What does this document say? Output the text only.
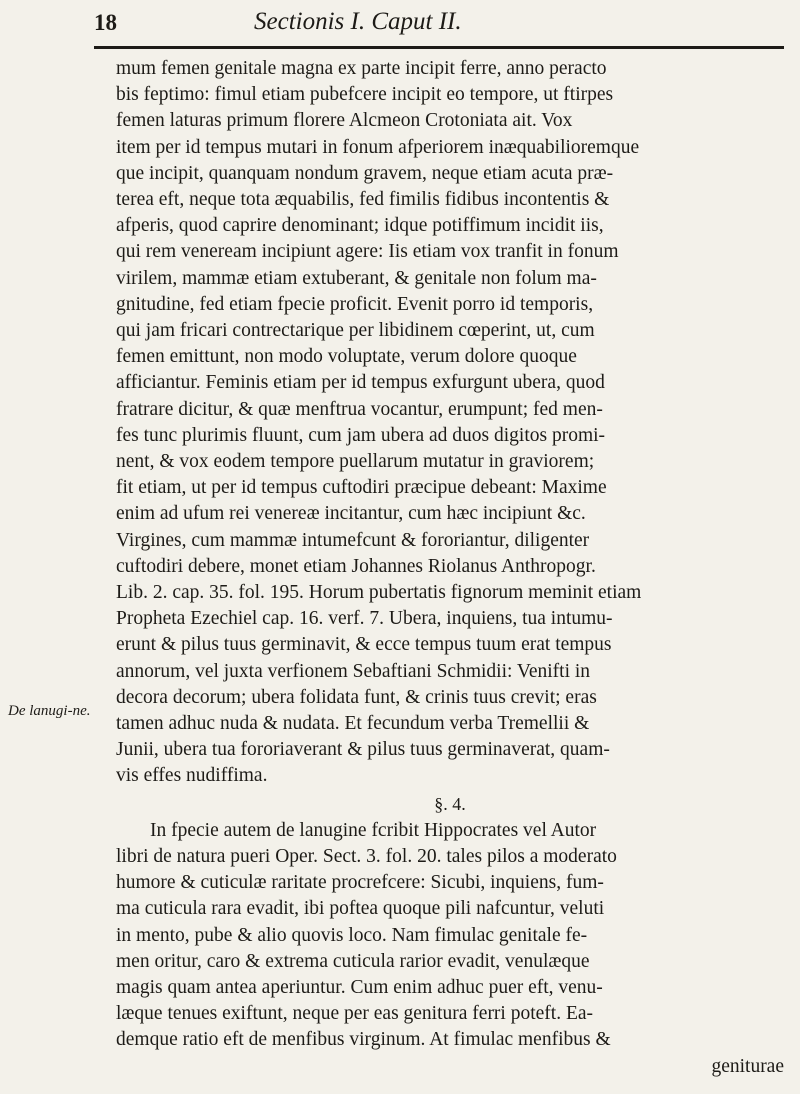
18	Sectionis I. Caput II.
De lanugi-ne.

mum femen genitale magna ex parte incipit ferre, anno peracto
bis feptimo: fimul etiam pubefcere incipit eo tempore, ut ftirpes
femen laturas primum florere Alcmeon Crotoniata ait. Vox
item per id tempus mutari in fonum afperiorem inæquabilioremque
que incipit, quanquam nondum gravem, neque etiam acuta præ-
terea eft, neque tota æquabilis, fed fimilis fidibus incontentis &
afperis, quod caprire denominant; idque potiffimum incidit iis,
qui rem veneream incipiunt agere: Iis etiam vox tranfit in fonum
virilem, mammæ etiam extuberant, & genitale non folum ma-
gnitudine, fed etiam fpecie proficit. Evenit porro id temporis,
qui jam fricari contrectarique per libidinem cœperint, ut, cum
femen emittunt, non modo voluptate, verum dolore quoque
afficiantur. Feminis etiam per id tempus exfurgunt ubera, quod
fratrare dicitur, & quæ menftrua vocantur, erumpunt; fed men-
fes tunc plurimis fluunt, cum jam ubera ad duos digitos promi-
nent, & vox eodem tempore puellarum mutatur in graviorem;
fit etiam, ut per id tempus cuftodiri præcipue debeant: Maxime
enim ad ufum rei venereæ incitantur, cum hæc incipiunt &c.
Virgines, cum mammæ intumefcunt & fororiantur, diligenter
cuftodiri debere, monet etiam Johannes Riolanus Anthropogr.
Lib. 2. cap. 35. fol. 195. Horum pubertatis fignorum meminit etiam
Propheta Ezechiel cap. 16. verf. 7. Ubera, inquiens, tua intumu-
erunt & pilus tuus germinavit, & ecce tempus tuum erat tempus
annorum, vel juxta verfionem Sebaftiani Schmidii: Venifti in
decora decorum; ubera folidata funt, & crinis tuus crevit; eras
tamen adhuc nuda & nudata. Et fecundum verba Tremellii &
Junii, ubera tua fororiaverant & pilus tuus germinaverat, quam-
vis effes nudiffima.

§. 4.

In fpecie autem de lanugine fcribit Hippocrates vel Autor
libri de natura pueri Oper. Sect. 3. fol. 20. tales pilos a moderato
humore & cuticulæ raritate procrefcere: Sicubi, inquiens, fum-
ma cuticula rara evadit, ibi poftea quoque pili nafcuntur, veluti
in mento, pube & alio quovis loco. Nam fimulac genitale fe-
men oritur, caro & extrema cuticula rarior evadit, venulæque
magis quam antea aperiuntur. Cum enim adhuc puer eft, venu-
læque tenues exiftunt, neque per eas genitura ferri poteft. Ea-
demque ratio eft de menfibus virginum. At fimulac menfibus &
geniturae
